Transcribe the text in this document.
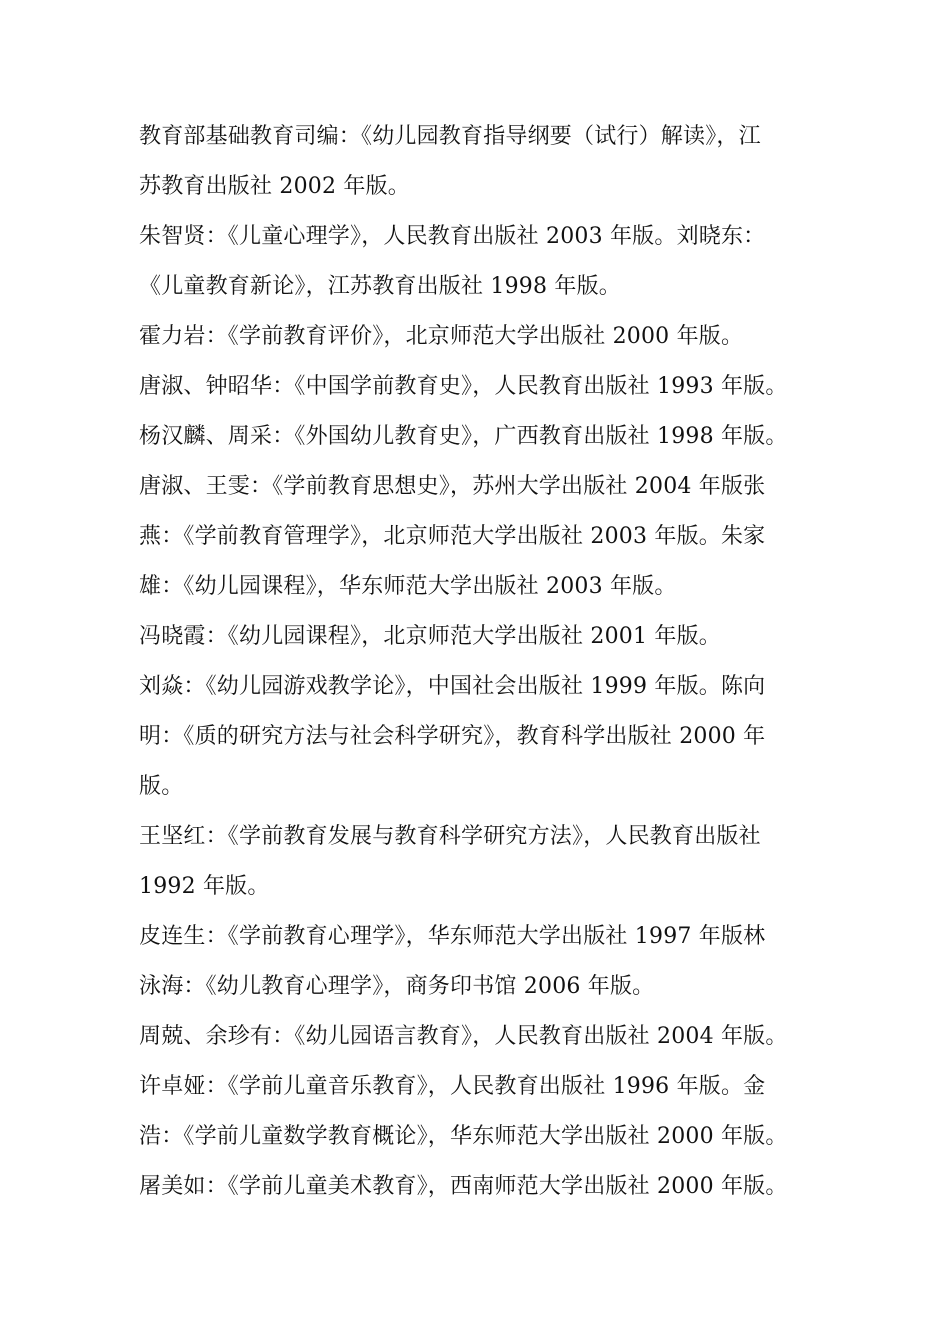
教育部基础教育司编：《幼儿园教育指导纲要（试行）解读》，江
苏教育出版社 2002 年版。
朱智贤：《儿童心理学》，人民教育出版社 2003 年版。刘晓东：
《儿童教育新论》，江苏教育出版社 1998 年版。
霍力岩：《学前教育评价》，北京师范大学出版社 2000 年版。
唐淑、钟昭华：《中国学前教育史》，人民教育出版社 1993 年版。
杨汉麟、周采：《外国幼儿教育史》，广西教育出版社 1998 年版。
唐淑、王雯：《学前教育思想史》，苏州大学出版社 2004 年版张
燕：《学前教育管理学》，北京师范大学出版社 2003 年版。朱家
雄：《幼儿园课程》，华东师范大学出版社 2003 年版。
冯晓霞：《幼儿园课程》，北京师范大学出版社 2001 年版。
刘焱：《幼儿园游戏教学论》，中国社会出版社 1999 年版。陈向
明：《质的研究方法与社会科学研究》，教育科学出版社 2000 年
版。
王坚红：《学前教育发展与教育科学研究方法》，人民教育出版社
1992 年版。
皮连生：《学前教育心理学》，华东师范大学出版社 1997 年版林
泳海：《幼儿教育心理学》，商务印书馆 2006 年版。
周兢、余珍有：《幼儿园语言教育》，人民教育出版社 2004 年版。
许卓娅：《学前儿童音乐教育》，人民教育出版社 1996 年版。金
浩：《学前儿童数学教育概论》，华东师范大学出版社 2000 年版。
屠美如：《学前儿童美术教育》，西南师范大学出版社 2000 年版。
